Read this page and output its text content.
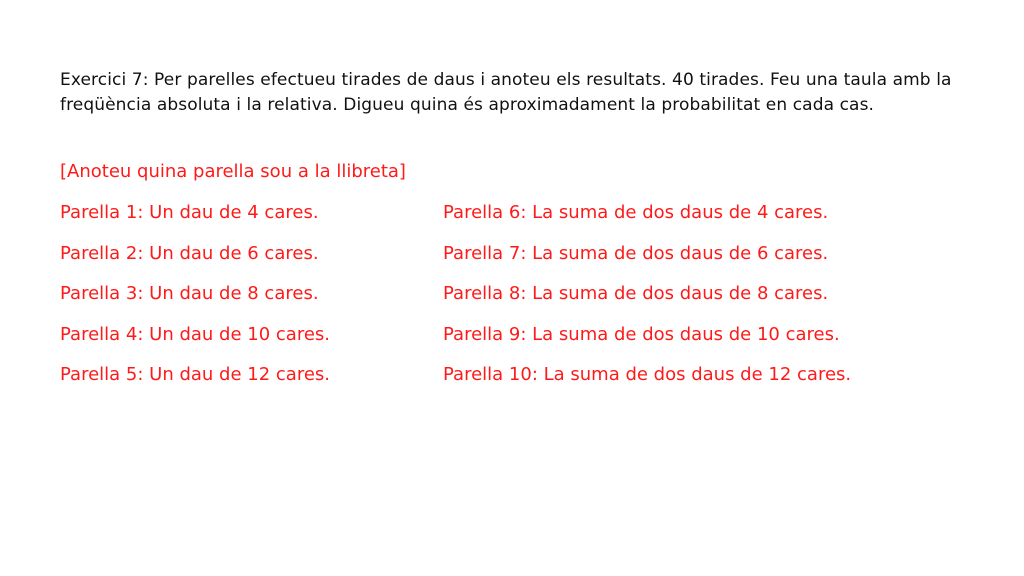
Exercici 7: Per parelles efectueu tirades de daus i anoteu els resultats. 40 tirades. Feu una taula amb la freqüència absoluta i la relativa. Digueu quina és aproximadament la probabilitat en cada cas.
[Anoteu quina parella sou a la llibreta]
Parella 1: Un dau de 4 cares.	Parella 6: La suma de dos daus de 4 cares.
Parella 2: Un dau de 6 cares.	Parella 7: La suma de dos daus de 6 cares.
Parella 3: Un dau de 8 cares.	Parella 8: La suma de dos daus de 8 cares.
Parella 4: Un dau de 10 cares.	Parella 9: La suma de dos daus de 10 cares.
Parella 5: Un dau de 12 cares.	Parella 10: La suma de dos daus de 12 cares.
